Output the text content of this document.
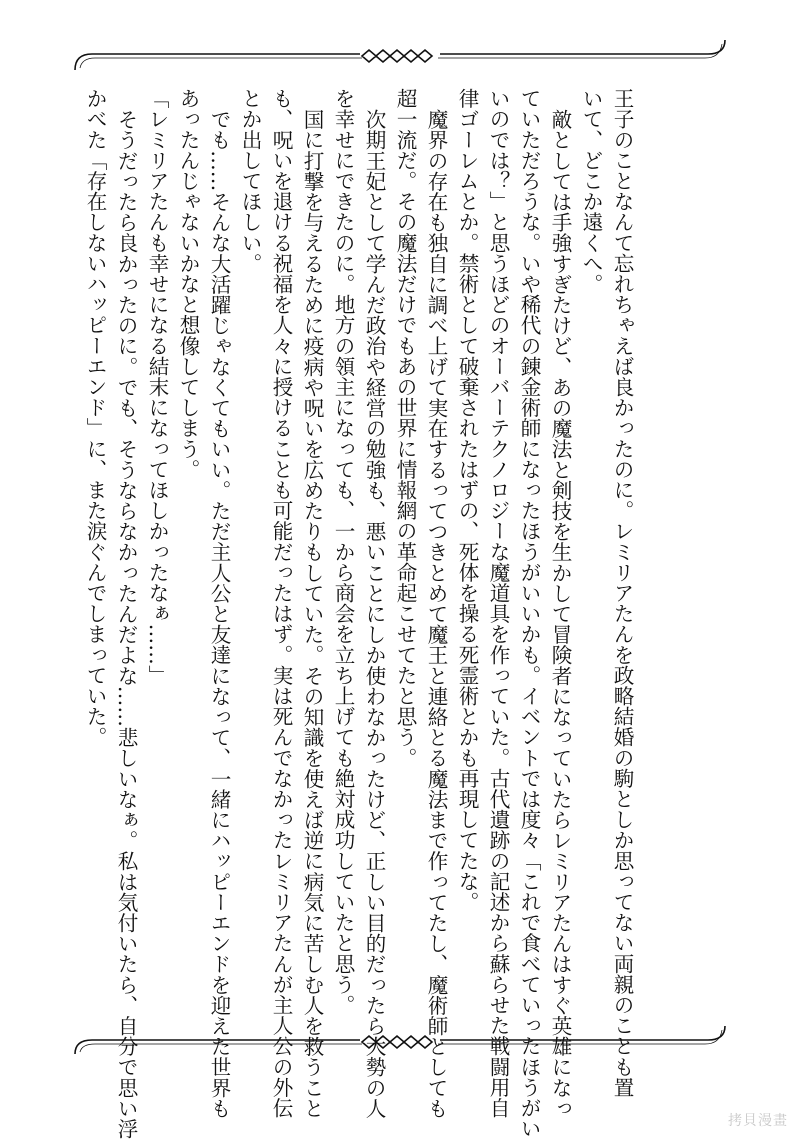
王子のことなんて忘れちゃえば良かったのに。レミリアたんを政略結婚の駒としか思ってない両親のことも置
いて、どこか遠くへ。
敵としては手強すぎたけど、あの魔法と剣技を生かして冒険者になっていたらレミリアたんはすぐ英雄になっ
ていただろうな。いや稀代の錬金術師になったほうがいいかも。イベントでは度々「これで食べていったほうがい
いのでは？」と思うほどのオーバーテクノロジーな魔道具を作っていた。古代遺跡の記述から蘇らせた戦闘用自
律ゴーレムとか。禁術として破棄されたはずの、死体を操る死霊術とかも再現してたな。
魔界の存在も独自に調べ上げて実在するってつきとめて魔王と連絡とる魔法まで作ってたし、魔術師としても
超一流だ。その魔法だけでもあの世界に情報網の革命起こせてたと思う。
次期王妃として学んだ政治や経営の勉強も、悪いことにしか使わなかったけど、正しい目的だったら大勢の人
を幸せにできたのに。地方の領主になっても、一から商会を立ち上げても絶対成功していたと思う。
国に打撃を与えるために疫病や呪いを広めたりもしていた。その知識を使えば逆に病気に苦しむ人を救うこと
も、呪いを退ける祝福を人々に授けることも可能だったはず。実は死んでなかったレミリアたんが主人公の外伝
とか出してほしい。
でも……そんな大活躍じゃなくてもいい。ただ主人公と友達になって、一緒にハッピーエンドを迎えた世界も
あったんじゃないかなと想像してしまう。
「レミリアたんも幸せになる結末になってほしかったなぁ……」
そうだったら良かったのに。でも、そうならなかったんだよな……悲しいなぁ。私は気付いたら、自分で思い浮
かべた「存在しないハッピーエンド」に、また涙ぐんでしまっていた。
拷貝漫畫
